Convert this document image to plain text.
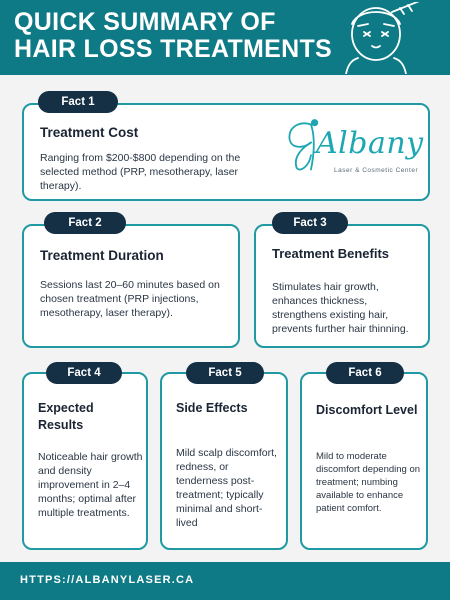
QUICK SUMMARY OF
HAIR LOSS TREATMENTS
Treatment Cost
Ranging from $200-$800 depending on the selected method (PRP, mesotherapy, laser therapy).
Fact 1
Albany
Laser & Cosmetic Center
Treatment Duration
Sessions last 20–60 minutes based on chosen treatment (PRP injections, mesotherapy, laser therapy).
Fact 2
Treatment Benefits
Stimulates hair growth, enhances thickness, strengthens existing hair, prevents further hair thinning.
Fact 3
Expected Results
Noticeable hair growth and density improvement in 2–4 months; optimal after multiple treatments.
Fact 4
Side Effects
Mild scalp discomfort, redness, or tenderness post-treatment; typically minimal and short-lived
Fact 5
Discomfort Level
Mild to moderate discomfort depending on treatment; numbing available to enhance patient comfort.
Fact 6
HTTPS://ALBANYLASER.CA
